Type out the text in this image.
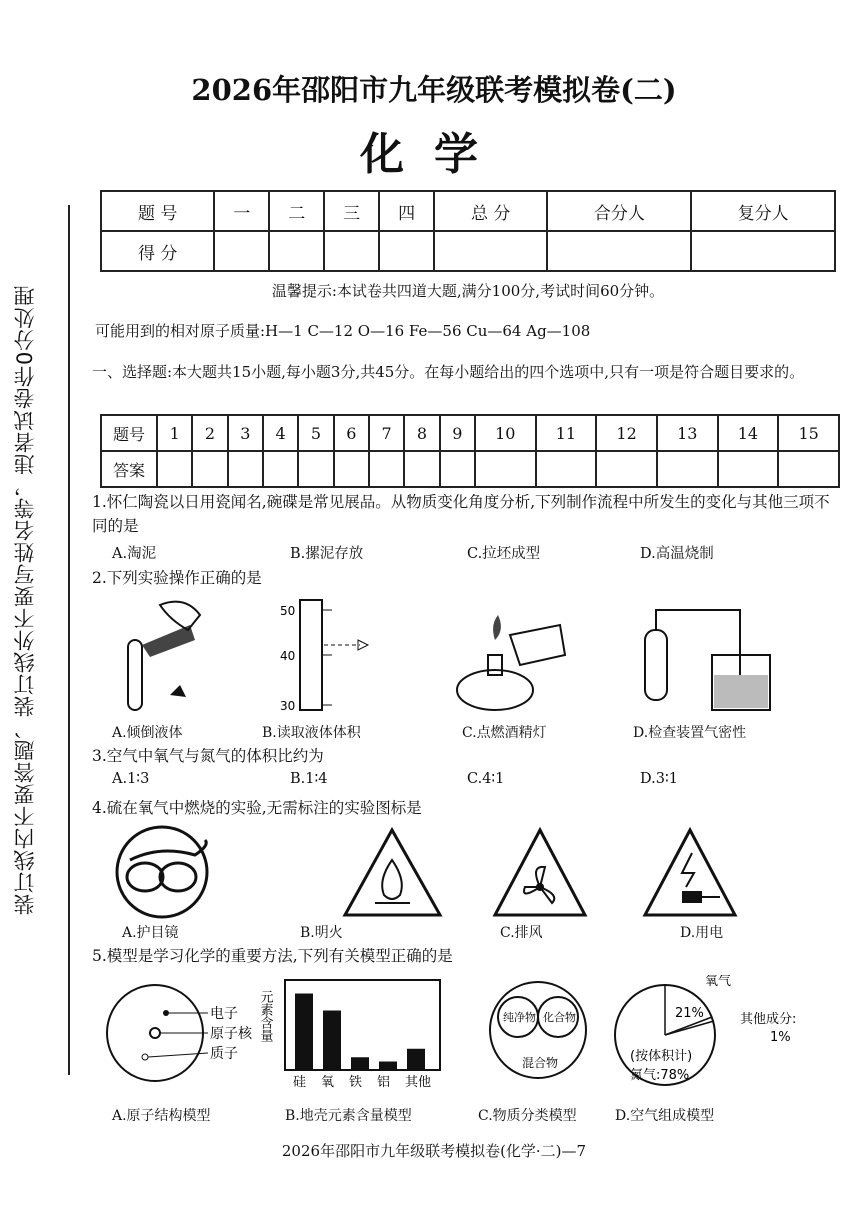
装订线内不要答题、装订线外不要写姓名等，违者试卷作0分处理
2026年邵阳市九年级联考模拟卷(二)
化学
题 号	一	二	三	四	总 分	合分人	复分人
得 分							
温馨提示:本试卷共四道大题,满分100分,考试时间60分钟。
可能用到的相对原子质量:H—1 C—12 O—16 Fe—56 Cu—64 Ag—108
一、选择题:本大题共15小题,每小题3分,共45分。在每小题给出的四个选项中,只有一项是符合题目要求的。
题号	1	2	3	4	5	6	7	8	9	10	11	12	13	14	15
答案															
1.怀仁陶瓷以日用瓷闻名,碗碟是常见展品。从物质变化角度分析,下列制作流程中所发生的变化与其他三项不同的是
A.淘泥	B.摞泥存放	C.拉坯成型	D.高温烧制
2.下列实验操作正确的是
50
40
30
A.倾倒液体	B.读取液体体积	C.点燃酒精灯	D.检查装置气密性
3.空气中氧气与氮气的体积比约为
A.1∶3	B.1∶4	C.4∶1	D.3∶1
4.硫在氧气中燃烧的实验,无需标注的实验图标是
A.护目镜	B.明火	C.排风	D.用电
5.模型是学习化学的重要方法,下列有关模型正确的是
电子
原子核
质子
元素含量
硅 氧 铁 铝 其他
纯净物 化合物
混合物
21%
氧气
其他成分:
1%
(按体积计)
氮气:78%
A.原子结构模型	B.地壳元素含量模型	C.物质分类模型	D.空气组成模型
2026年邵阳市九年级联考模拟卷(化学·二)—7
